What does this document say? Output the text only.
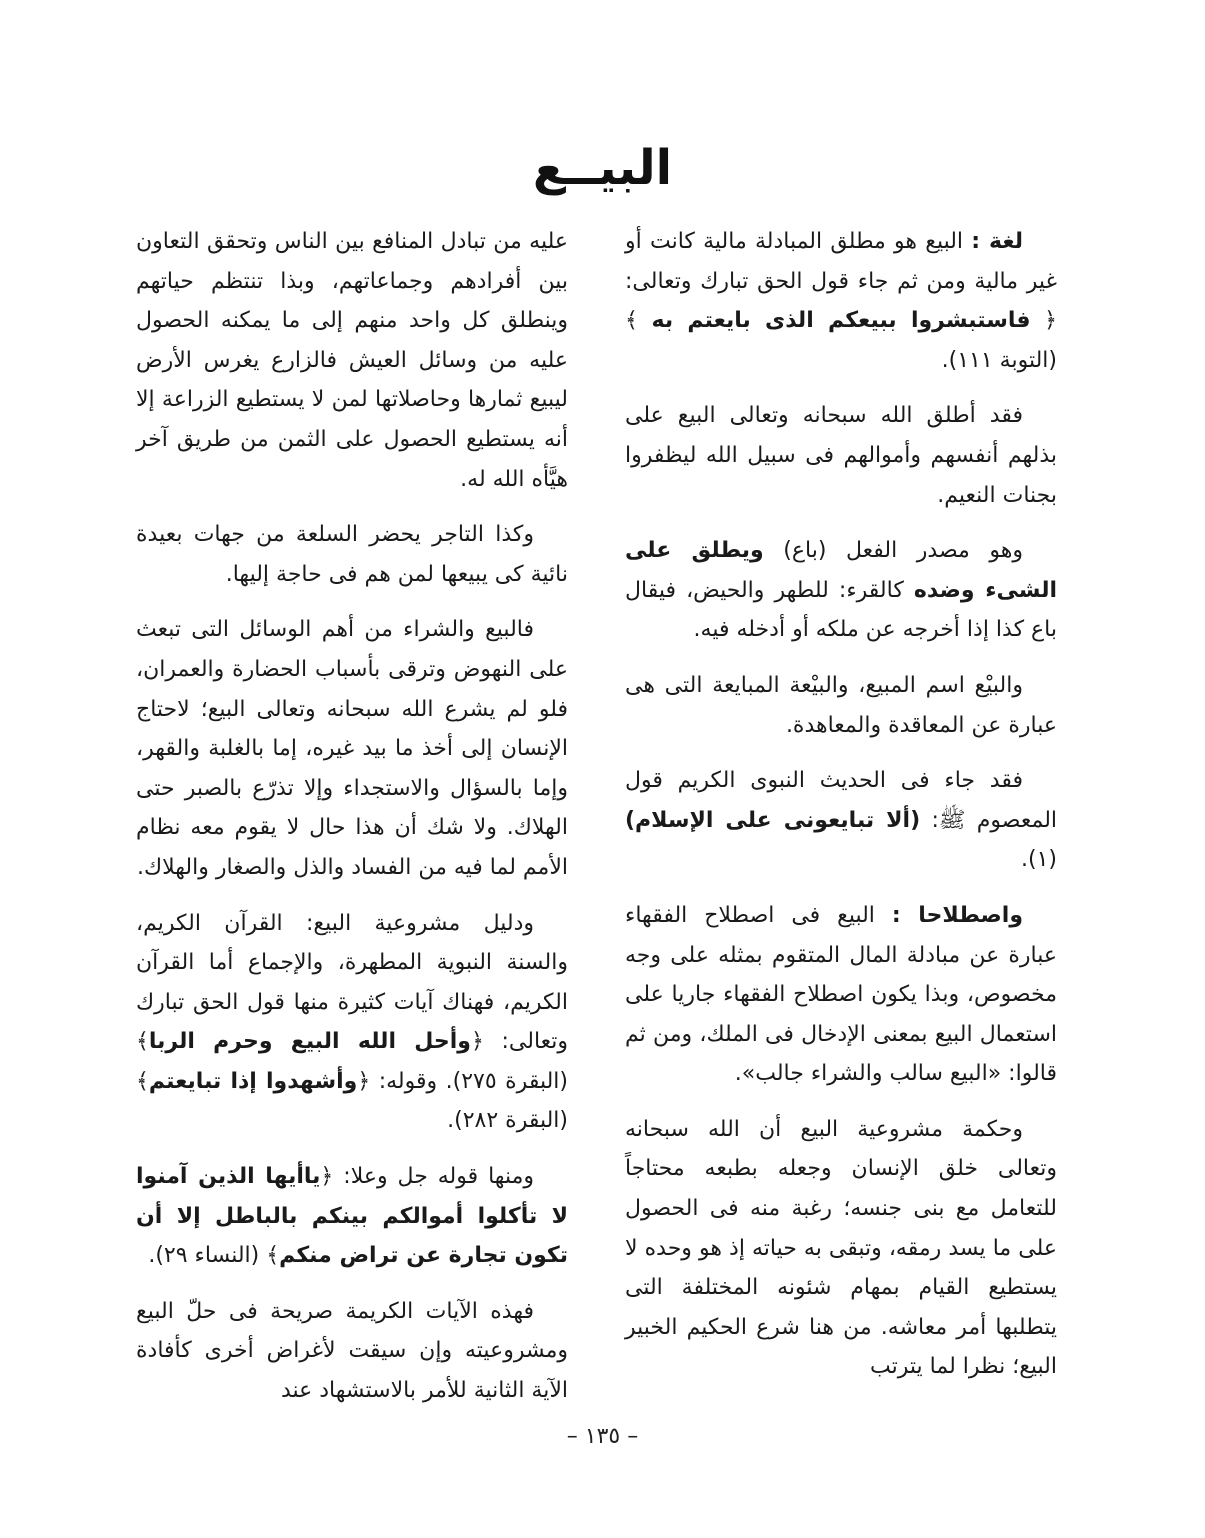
البيــع

لغة : البيع هو مطلق المبادلة مالية كانت أو غير مالية ومن ثم جاء قول الحق تبارك وتعالى: ﴿ فاستبشروا ببيعكم الذى بايعتم به ﴾ (التوبة ١١١).

فقد أطلق الله سبحانه وتعالى البيع على بذلهم أنفسهم وأموالهم فى سبيل الله ليظفروا بجنات النعيم.

وهو مصدر الفعل (باع) ويطلق على الشىء وضده كالقرء: للطهر والحيض، فيقال باع كذا إذا أخرجه عن ملكه أو أدخله فيه.

والبيْع اسم المبيع، والبيْعة المبايعة التى هى عبارة عن المعاقدة والمعاهدة.

فقد جاء فى الحديث النبوى الكريم قول المعصوم ﷺ: (ألا تبايعونى على الإسلام)(١).

واصطلاحا : البيع فى اصطلاح الفقهاء عبارة عن مبادلة المال المتقوم بمثله على وجه مخصوص، وبذا يكون اصطلاح الفقهاء جاريا على استعمال البيع بمعنى الإدخال فى الملك، ومن ثم قالوا: «البيع سالب والشراء جالب».

وحكمة مشروعية البيع أن الله سبحانه وتعالى خلق الإنسان وجعله بطبعه محتاجاً للتعامل مع بنى جنسه؛ رغبة منه فى الحصول على ما يسد رمقه، وتبقى به حياته إذ هو وحده لا يستطيع القيام بمهام شئونه المختلفة التى يتطلبها أمر معاشه. من هنا شرع الحكيم الخبير البيع؛ نظرا لما يترتب

عليه من تبادل المنافع بين الناس وتحقق التعاون بين أفرادهم وجماعاتهم، وبذا تنتظم حياتهم وينطلق كل واحد منهم إلى ما يمكنه الحصول عليه من وسائل العيش فالزارع يغرس الأرض ليبيع ثمارها وحاصلاتها لمن لا يستطيع الزراعة إلا أنه يستطيع الحصول على الثمن من طريق آخر هيَّأه الله له.

وكذا التاجر يحضر السلعة من جهات بعيدة نائية كى يبيعها لمن هم فى حاجة إليها.

فالبيع والشراء من أهم الوسائل التى تبعث على النهوض وترقى بأسباب الحضارة والعمران، فلو لم يشرع الله سبحانه وتعالى البيع؛ لاحتاج الإنسان إلى أخذ ما بيد غيره، إما بالغلبة والقهر، وإما بالسؤال والاستجداء وإلا تذرّع بالصبر حتى الهلاك. ولا شك أن هذا حال لا يقوم معه نظام الأمم لما فيه من الفساد والذل والصغار والهلاك.

ودليل مشروعية البيع: القرآن الكريم، والسنة النبوية المطهرة، والإجماع أما القرآن الكريم، فهناك آيات كثيرة منها قول الحق تبارك وتعالى: ﴿وأحل الله البيع وحرم الربا﴾ (البقرة ٢٧٥). وقوله: ﴿وأشهدوا إذا تبايعتم﴾ (البقرة ٢٨٢).

ومنها قوله جل وعلا: ﴿ياأيها الذين آمنوا لا تأكلوا أموالكم بينكم بالباطل إلا أن تكون تجارة عن تراض منكم﴾ (النساء ٢٩).

فهذه الآيات الكريمة صريحة فى حلّ البيع ومشروعيته وإن سيقت لأغراض أخرى كأفادة الآية الثانية للأمر بالاستشهاد عند

– ١٣٥ –
